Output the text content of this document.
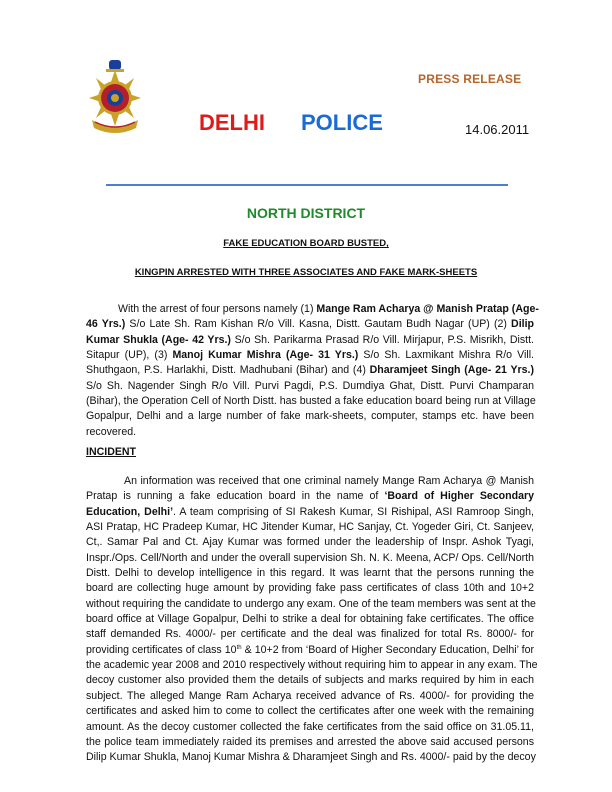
PRESS RELEASE
DELHI POLICE	14.06.2011
NORTH DISTRICT
FAKE EDUCATION BOARD BUSTED,
KINGPIN ARRESTED WITH THREE ASSOCIATES AND FAKE MARK-SHEETS
With the arrest of four persons namely (1) Mange Ram Acharya @ Manish Pratap (Age-
46 Yrs.) S/o Late Sh. Ram Kishan R/o Vill. Kasna, Distt. Gautam Budh Nagar (UP) (2) Dilip
Kumar Shukla (Age- 42 Yrs.) S/o Sh. Parikarma Prasad R/o Vill. Mirjapur, P.S. Misrikh, Distt.
Sitapur (UP), (3) Manoj Kumar Mishra (Age- 31 Yrs.) S/o Sh. Laxmikant Mishra R/o Vill.
Shuthgaon, P.S. Harlakhi, Distt. Madhubani (Bihar) and (4) Dharamjeet Singh (Age- 21 Yrs.)
S/o Sh. Nagender Singh R/o Vill. Purvi Pagdi, P.S. Dumdiya Ghat, Distt. Purvi Champaran
(Bihar), the Operation Cell of North Distt. has busted a fake education board being run at Village
Gopalpur, Delhi and a large number of fake mark-sheets, computer, stamps etc. have been
recovered.
INCIDENT
An information was received that one criminal namely Mange Ram Acharya @ Manish
Pratap is running a fake education board in the name of ‘Board of Higher Secondary
Education, Delhi’. A team comprising of SI Rakesh Kumar, SI Rishipal, ASI Ramroop Singh,
ASI Pratap, HC Pradeep Kumar, HC Jitender Kumar, HC Sanjay, Ct. Yogeder Giri, Ct. Sanjeev,
Ct,. Samar Pal and Ct. Ajay Kumar was formed under the leadership of Inspr. Ashok Tyagi,
Inspr./Ops. Cell/North and under the overall supervision Sh. N. K. Meena, ACP/ Ops. Cell/North
Distt. Delhi to develop intelligence in this regard. It was learnt that the persons running the
board are collecting huge amount by providing fake pass certificates of class 10th and 10+2
without requiring the candidate to undergo any exam. One of the team members was sent at the
board office at Village Gopalpur, Delhi to strike a deal for obtaining fake certificates. The office
staff demanded Rs. 4000/- per certificate and the deal was finalized for total Rs. 8000/- for
providing certificates of class 10th & 10+2 from ‘Board of Higher Secondary Education, Delhi’ for
the academic year 2008 and 2010 respectively without requiring him to appear in any exam. The
decoy customer also provided them the details of subjects and marks required by him in each
subject. The alleged Mange Ram Acharya received advance of Rs. 4000/- for providing the
certificates and asked him to come to collect the certificates after one week with the remaining
amount. As the decoy customer collected the fake certificates from the said office on 31.05.11,
the police team immediately raided its premises and arrested the above said accused persons
Dilip Kumar Shukla, Manoj Kumar Mishra & Dharamjeet Singh and Rs. 4000/- paid by the decoy
